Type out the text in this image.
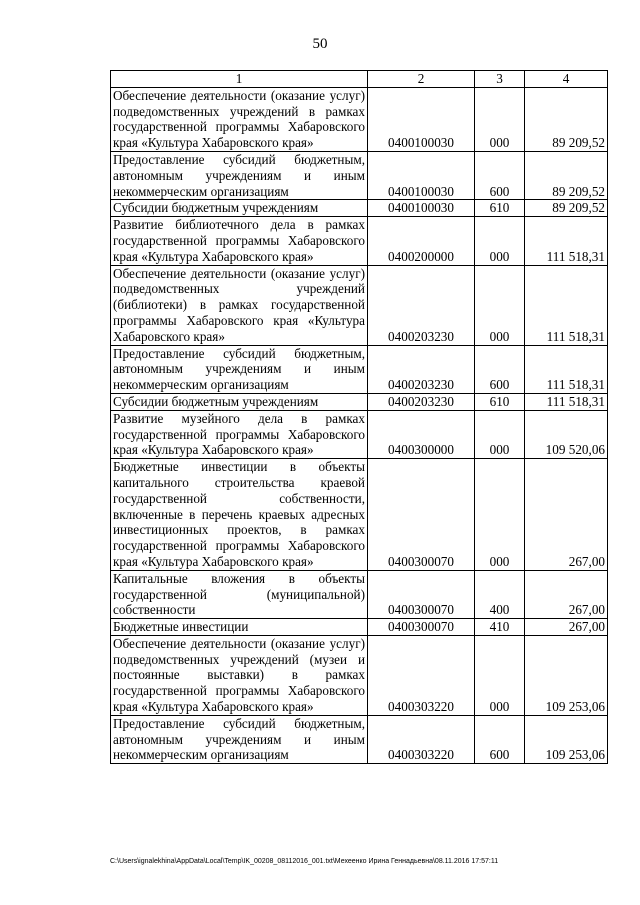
50
1	2	3	4
Обеспечение деятельности (оказание услуг) подведомственных учреждений в рамках государственной программы Хабаровского края «Культура Хабаровского края»	0400100030	000	89 209,52
Предоставление субсидий бюджетным, автономным учреждениям и иным некоммерческим организациям	0400100030	600	89 209,52
Субсидии бюджетным учреждениям	0400100030	610	89 209,52
Развитие библиотечного дела в рамках государственной программы Хабаровского края «Культура Хабаровского края»	0400200000	000	111 518,31
Обеспечение деятельности (оказание услуг) подведомственных учреждений (библиотеки) в рамках государственной программы Хабаровского края «Культура Хабаровского края»	0400203230	000	111 518,31
Предоставление субсидий бюджетным, автономным учреждениям и иным некоммерческим организациям	0400203230	600	111 518,31
Субсидии бюджетным учреждениям	0400203230	610	111 518,31
Развитие музейного дела в рамках государственной программы Хабаровского края «Культура Хабаровского края»	0400300000	000	109 520,06
Бюджетные инвестиции в объекты капитального строительства краевой государственной собственности, включенные в перечень краевых адресных инвестиционных проектов, в рамках государственной программы Хабаровского края «Культура Хабаровского края»	0400300070	000	267,00
Капитальные вложения в объекты государственной (муниципальной) собственности	0400300070	400	267,00
Бюджетные инвестиции	0400300070	410	267,00
Обеспечение деятельности (оказание услуг) подведомственных учреждений (музеи и постоянные выставки) в рамках государственной программы Хабаровского края «Культура Хабаровского края»	0400303220	000	109 253,06
Предоставление субсидий бюджетным, автономным учреждениям и иным некоммерческим организациям	0400303220	600	109 253,06
C:\Users\ignalekhina\AppData\Local\Temp\IK_00208_08112016_001.txt\Мехеенко Ирина Геннадьевна\08.11.2016 17:57:11
